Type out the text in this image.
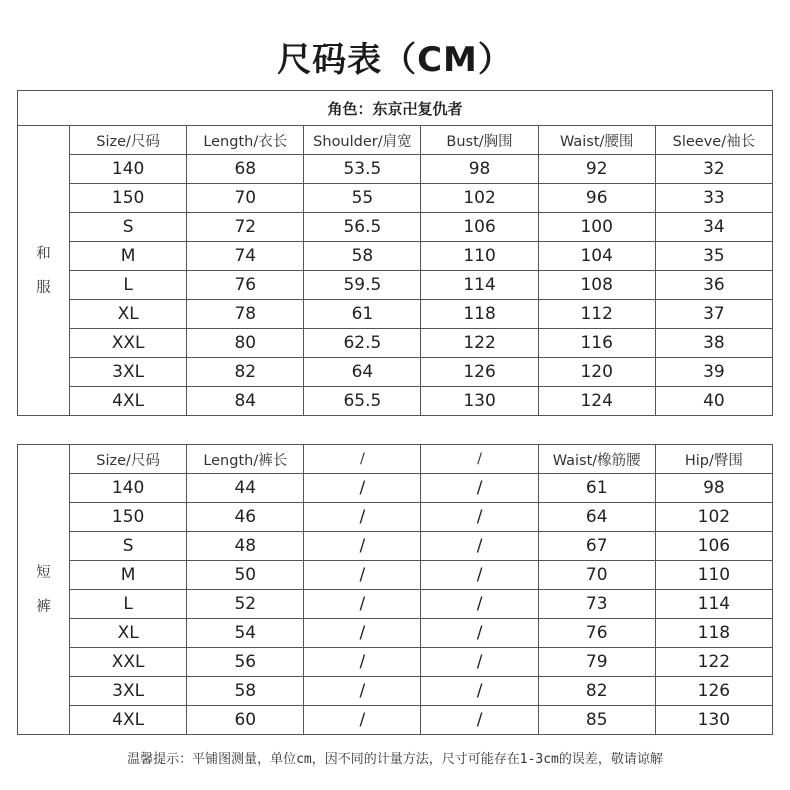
尺码表（CM）
角色：东京卍复仇者						
和
服	Size/尺码	Length/衣长	Shoulder/肩宽	Bust/胸围	Waist/腰围	Sleeve/袖长
	140	68	53.5	98	92	32
	150	70	55	102	96	33
	S	72	56.5	106	100	34
	M	74	58	110	104	35
	L	76	59.5	114	108	36
	XL	78	61	118	112	37
	XXL	80	62.5	122	116	38
	3XL	82	64	126	120	39
	4XL	84	65.5	130	124	40
短
裤	Size/尺码	Length/裤长	/	/	Waist/橡筋腰	Hip/臀围
	140	44	/	/	61	98
	150	46	/	/	64	102
	S	48	/	/	67	106
	M	50	/	/	70	110
	L	52	/	/	73	114
	XL	54	/	/	76	118
	XXL	56	/	/	79	122
	3XL	58	/	/	82	126
	4XL	60	/	/	85	130
温馨提示：平铺图测量，单位cm，因不同的计量方法，尺寸可能存在1-3cm的误差，敬请谅解
